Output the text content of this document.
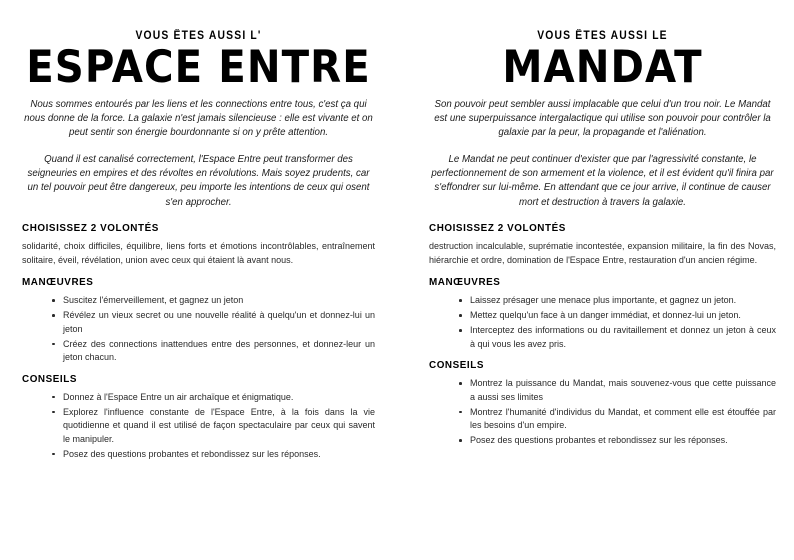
VOUS ÊTES AUSSI L'
ESPACE ENTRE

Nous sommes entourés par les liens et les connections entre tous, c'est ça qui nous donne de la force. La galaxie n'est jamais silencieuse : elle est vivante et on peut sentir son énergie bourdonnante si on y prête attention.

Quand il est canalisé correctement, l'Espace Entre peut transformer des seigneuries en empires et des révoltes en révolutions. Mais soyez prudents, car un tel pouvoir peut être dangereux, peu importe les intentions de ceux qui osent s'en approcher.

CHOISISSEZ 2 VOLONTÉS

solidarité, choix difficiles, équilibre, liens forts et émotions incontrôlables, entraînement solitaire, éveil, révélation, union avec ceux qui étaient là avant nous.

MANŒUVRES
Suscitez l'émerveillement, et gagnez un jeton
Révélez un vieux secret ou une nouvelle réalité à quelqu'un et donnez-lui un jeton
Créez des connections inattendues entre des personnes, et donnez-leur un jeton chacun.
CONSEILS
Donnez à l'Espace Entre un air archaïque et énigmatique.
Explorez l'influence constante de l'Espace Entre, à la fois dans la vie quotidienne et quand il est utilisé de façon spectaculaire par ceux qui savent le manipuler.
Posez des questions probantes et rebondissez sur les réponses.
VOUS ÊTES AUSSI LE
MANDAT

Son pouvoir peut sembler aussi implacable que celui d'un trou noir. Le Mandat est une superpuissance intergalactique qui utilise son pouvoir pour contrôler la galaxie par la peur, la propagande et l'aliénation.

Le Mandat ne peut continuer d'exister que par l'agressivité constante, le perfectionnement de son armement et la violence, et il est évident qu'il finira par s'effondrer sur lui-même. En attendant que ce jour arrive, il continue de causer mort et destruction à travers la galaxie.

CHOISISSEZ 2 VOLONTÉS

destruction incalculable, suprématie incontestée, expansion militaire, la fin des Novas, hiérarchie et ordre, domination de l'Espace Entre, restauration d'un ancien régime.

MANŒUVRES
Laissez présager une menace plus importante, et gagnez un jeton.
Mettez quelqu'un face à un danger immédiat, et donnez-lui un jeton.
Interceptez des informations ou du ravitaillement et donnez un jeton à ceux à qui vous les avez pris.
CONSEILS
Montrez la puissance du Mandat, mais souvenez-vous que cette puissance a aussi ses limites
Montrez l'humanité d'individus du Mandat, et comment elle est étouffée par les besoins d'un empire.
Posez des questions probantes et rebondissez sur les réponses.
